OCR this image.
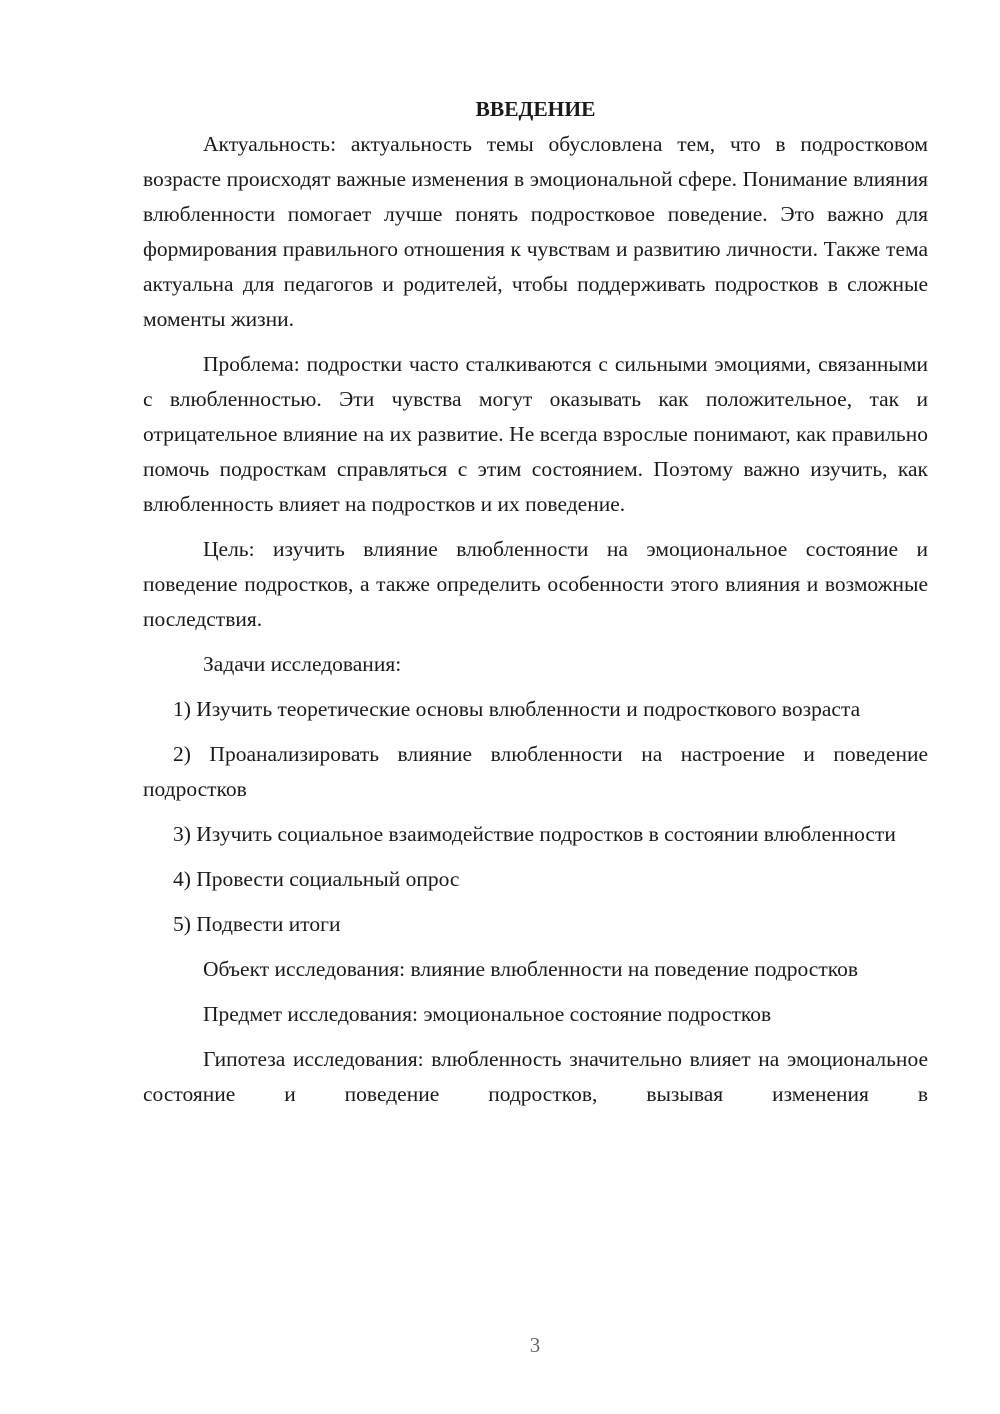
ВВЕДЕНИЕ

Актуальность: актуальность темы обусловлена тем, что в подростковом возрасте происходят важные изменения в эмоциональной сфере. Понимание влияния влюбленности помогает лучше понять подростковое поведение. Это важно для формирования правильного отношения к чувствам и развитию личности. Также тема актуальна для педагогов и родителей, чтобы поддерживать подростков в сложные моменты жизни.

Проблема: подростки часто сталкиваются с сильными эмоциями, связанными с влюбленностью. Эти чувства могут оказывать как положительное, так и отрицательное влияние на их развитие. Не всегда взрослые понимают, как правильно помочь подросткам справляться с этим состоянием. Поэтому важно изучить, как влюбленность влияет на подростков и их поведение.

Цель: изучить влияние влюбленности на эмоциональное состояние и поведение подростков, а также определить особенности этого влияния и возможные последствия.

Задачи исследования:

1) Изучить теоретические основы влюбленности и подросткового возраста

2) Проанализировать влияние влюбленности на настроение и поведение подростков

3) Изучить социальное взаимодействие подростков в состоянии влюбленности

4) Провести социальный опрос

5) Подвести итоги

Объект исследования: влияние влюбленности на поведение подростков

Предмет исследования: эмоциональное состояние подростков

Гипотеза исследования: влюбленность значительно влияет на эмоциональное состояние и поведение подростков, вызывая изменения в

3
